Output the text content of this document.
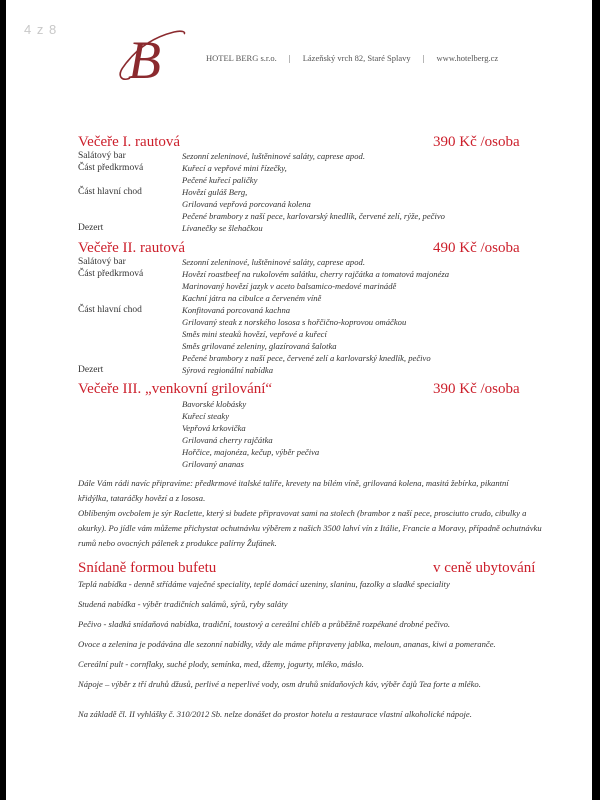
4 z 8
B	HOTEL BERG s.r.o. | Lázeňský vrch 82, Staré Splavy | www.hotelberg.cz
Večeře I. rautová	390 Kč /osoba
Salátový bar	Sezonní zeleninové, luštěninové saláty, caprese apod.
Část předkrmová	Kuřecí a vepřové mini řízečky,
Pečené kuřecí paličky
Část hlavní chod	Hovězí guláš Berg,
Grilovaná vepřová porcovaná kolena
Pečené brambory z naší pece, karlovarský knedlík, červené zelí, rýže, pečivo
Dezert	Lívanečky se šlehačkou
Večeře II. rautová	490 Kč /osoba
Salátový bar	Sezonní zeleninové, luštěninové saláty, caprese apod.
Část předkrmová	Hovězí roastbeef na rukolovém salátku, cherry rajčátka a tomatová majonéza
Marinovaný hovězí jazyk v aceto balsamico-medové marinádě
Kachní játra na cibulce a červeném víně
Část hlavní chod	Konfitovaná porcovaná kachna
Grilovaný steak z norského lososa s hořčično-koprovou omáčkou
Směs mini steaků hovězí, vepřové a kuřecí
Směs grilované zeleniny, glazírovaná šalotka
Pečené brambory z naší pece, červené zelí a karlovarský knedlík, pečivo
Dezert	Sýrová regionální nabídka
Večeře III. „venkovní grilování“	390 Kč /osoba
Bavorské klobásky
Kuřecí steaky
Vepřová krkovička
Grilovaná cherry rajčátka
Hořčice, majonéza, kečup, výběr pečiva
Grilovaný ananas
Dále Vám rádi navíc připravíme: předkrmové italské talíře, krevety na bílém víně, grilovaná kolena, masitá žebírka, pikantní
křidýlka, tataráčky hovězí a z lososa.
Oblíbeným ovcbolem je sýr Raclette, který si budete připravovat sami na stolech (brambor z naší pece, prosciutto crudo, cibulky a
okurky). Po jídle vám můžeme přichystat ochutnávku výběrem z našich 3500 lahví vín z Itálie, Francie a Moravy, případně ochutnávku
rumů nebo ovocných pálenek z produkce palírny Žufánek.
Snídaně formou bufetu	v ceně ubytování
Teplá nabídka - denně střídáme vaječné speciality, teplé domácí uzeniny, slaninu, fazolky a sladké speciality
Studená nabídka - výběr tradičních salámů, sýrů, ryby saláty
Pečivo - sladká snídaňová nabídka, tradiční, toustový a cereální chléb a průběžně rozpékané drobné pečivo.
Ovoce a zelenina je podávána dle sezonní nabídky, vždy ale máme připraveny jablka, meloun, ananas, kiwi a pomeranče.
Cereální pult - cornflaky, suché plody, semínka, med, džemy, jogurty, mléko, máslo.
Nápoje – výběr z tří druhů džusů, perlivé a neperlivé vody, osm druhů snídaňových káv, výběr čajů Tea forte a mléko.
Na základě čl. II vyhlášky č. 310/2012 Sb. nelze donášet do prostor hotelu a restaurace vlastní alkoholické nápoje.
